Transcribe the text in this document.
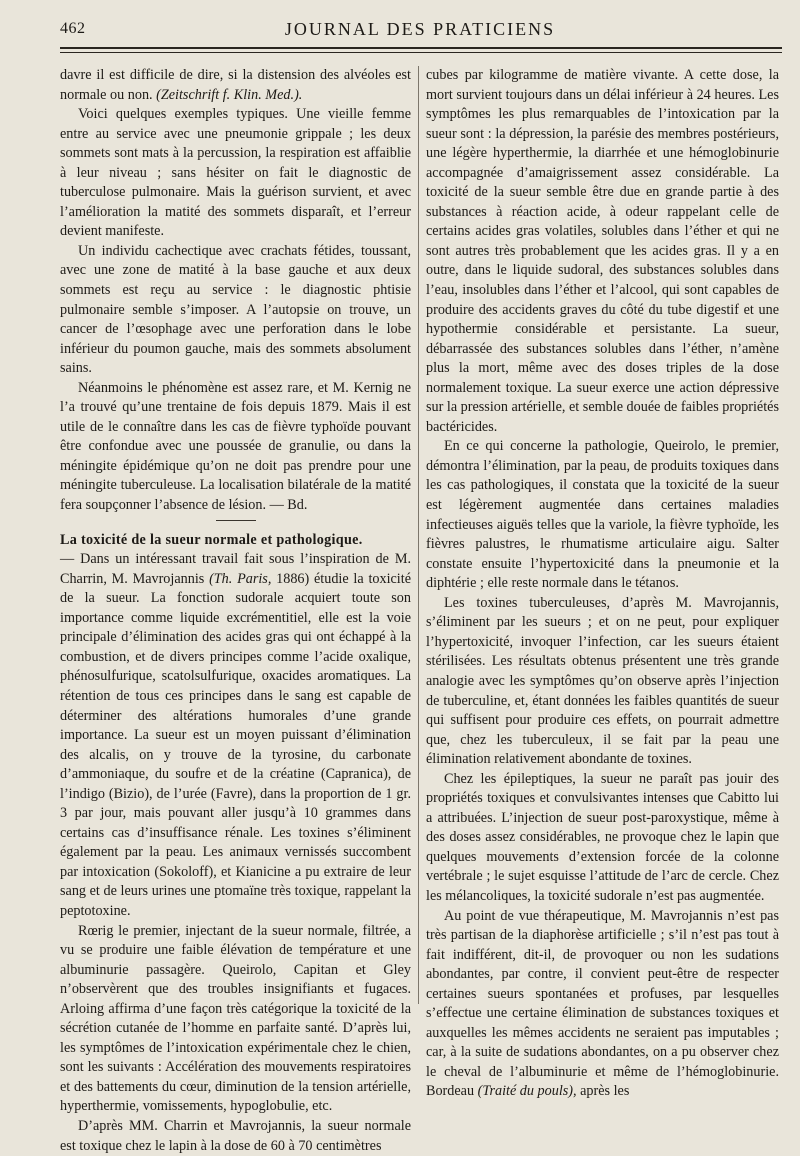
462	JOURNAL DES PRATICIENS

davre il est difficile de dire, si la distension des alvéoles est normale ou non. (Zeitschrift f. Klin. Med.).

Voici quelques exemples typiques. Une vieille femme entre au service avec une pneumonie grippale ; les deux sommets sont mats à la percussion, la respiration est affaiblie à leur niveau ; sans hésiter on fait le diagnostic de tuberculose pulmonaire. Mais la guérison survient, et avec l’amélioration la matité des sommets disparaît, et l’erreur devient manifeste.

Un individu cachectique avec crachats fétides, toussant, avec une zone de matité à la base gauche et aux deux sommets est reçu au service : le diagnostic phtisie pulmonaire semble s’imposer. A l’autopsie on trouve, un cancer de l’œsophage avec une perforation dans le lobe inférieur du poumon gauche, mais des sommets absolument sains.

Néanmoins le phénomène est assez rare, et M. Kernig ne l’a trouvé qu’une trentaine de fois depuis 1879. Mais il est utile de le connaître dans les cas de fièvre typhoïde pouvant être confondue avec une poussée de granulie, ou dans la méningite épidémique qu’on ne doit pas prendre pour une méningite tuberculeuse. La localisation bilatérale de la matité fera soupçonner l’absence de lésion. — Bd.

La toxicité de la sueur normale et pathologique.
— Dans un intéressant travail fait sous l’inspiration de M. Charrin, M. Mavrojannis (Th. Paris, 1886) étudie la toxicité de la sueur. La fonction sudorale acquiert toute son importance comme liquide excrémentitiel, elle est la voie principale d’élimination des acides gras qui ont échappé à la combustion, et de divers principes comme l’acide oxalique, phénosulfurique, scatolsulfurique, oxacides aromatiques. La rétention de tous ces principes dans le sang est capable de déterminer des altérations humorales d’une grande importance. La sueur est un moyen puissant d’élimination des alcalis, on y trouve de la tyrosine, du carbonate d’ammoniaque, du soufre et de la créatine (Capranica), de l’indigo (Bizio), de l’urée (Favre), dans la proportion de 1 gr. 3 par jour, mais pouvant aller jusqu’à 10 grammes dans certains cas d’insuffisance rénale. Les toxines s’éliminent également par la peau. Les animaux vernissés succombent par intoxication (Sokoloff), et Kianicine a pu extraire de leur sang et de leurs urines une ptomaïne très toxique, rappelant la peptotoxine.

Rœrig le premier, injectant de la sueur normale, filtrée, a vu se produire une faible élévation de température et une albuminurie passagère. Queirolo, Capitan et Gley n’observèrent que des troubles insignifiants et fugaces. Arloing affirma d’une façon très catégorique la toxicité de la sécrétion cutanée de l’homme en parfaite santé. D’après lui, les symptômes de l’intoxication expérimentale chez le chien, sont les suivants : Accélération des mouvements respiratoires et des battements du cœur, diminution de la tension artérielle, hyperthermie, vomissements, hypoglobulie, etc.

D’après MM. Charrin et Mavrojannis, la sueur normale est toxique chez le lapin à la dose de 60 à 70 centimètres

cubes par kilogramme de matière vivante. A cette dose, la mort survient toujours dans un délai inférieur à 24 heures. Les symptômes les plus remarquables de l’intoxication par la sueur sont : la dépression, la parésie des membres postérieurs, une légère hyperthermie, la diarrhée et une hémoglobinurie accompagnée d’amaigrissement assez considérable. La toxicité de la sueur semble être due en grande partie à des substances à réaction acide, à odeur rappelant celle de certains acides gras volatiles, solubles dans l’éther et qui ne sont autres très probablement que les acides gras. Il y a en outre, dans le liquide sudoral, des substances solubles dans l’eau, insolubles dans l’éther et l’alcool, qui sont capables de produire des accidents graves du côté du tube digestif et une hypothermie considérable et persistante. La sueur, débarrassée des substances solubles dans l’éther, n’amène plus la mort, même avec des doses triples de la dose normalement toxique. La sueur exerce une action dépressive sur la pression artérielle, et semble douée de faibles propriétés bactéricides.

En ce qui concerne la pathologie, Queirolo, le premier, démontra l’élimination, par la peau, de produits toxiques dans les cas pathologiques, il constata que la toxicité de la sueur est légèrement augmentée dans certaines maladies infectieuses aiguës telles que la variole, la fièvre typhoïde, les fièvres palustres, le rhumatisme articulaire aigu. Salter constate ensuite l’hypertoxicité dans la pneumonie et la diphtérie ; elle reste normale dans le tétanos.

Les toxines tuberculeuses, d’après M. Mavrojannis, s’éliminent par les sueurs ; et on ne peut, pour expliquer l’hypertoxicité, invoquer l’infection, car les sueurs étaient stérilisées. Les résultats obtenus présentent une très grande analogie avec les symptômes qu’on observe après l’injection de tuberculine, et, étant données les faibles quantités de sueur qui suffisent pour produire ces effets, on pourrait admettre que, chez les tuberculeux, il se fait par la peau une élimination relativement abondante de toxines.

Chez les épileptiques, la sueur ne paraît pas jouir des propriétés toxiques et convulsivantes intenses que Cabitto lui a attribuées. L’injection de sueur post-paroxystique, même à des doses assez considérables, ne provoque chez le lapin que quelques mouvements d’extension forcée de la colonne vertébrale ; le sujet esquisse l’attitude de l’arc de cercle. Chez les mélancoliques, la toxicité sudorale n’est pas augmentée.

Au point de vue thérapeutique, M. Mavrojannis n’est pas très partisan de la diaphorèse artificielle ; s’il n’est pas tout à fait indifférent, dit-il, de provoquer ou non les sudations abondantes, par contre, il convient peut-être de respecter certaines sueurs spontanées et profuses, par lesquelles s’effectue une certaine élimination de substances toxiques et auxquelles les mêmes accidents ne seraient pas imputables ; car, à la suite de sudations abondantes, on a pu observer chez le cheval de l’albuminurie et même de l’hémoglobinurie. Bordeau (Traité du pouls), après les
